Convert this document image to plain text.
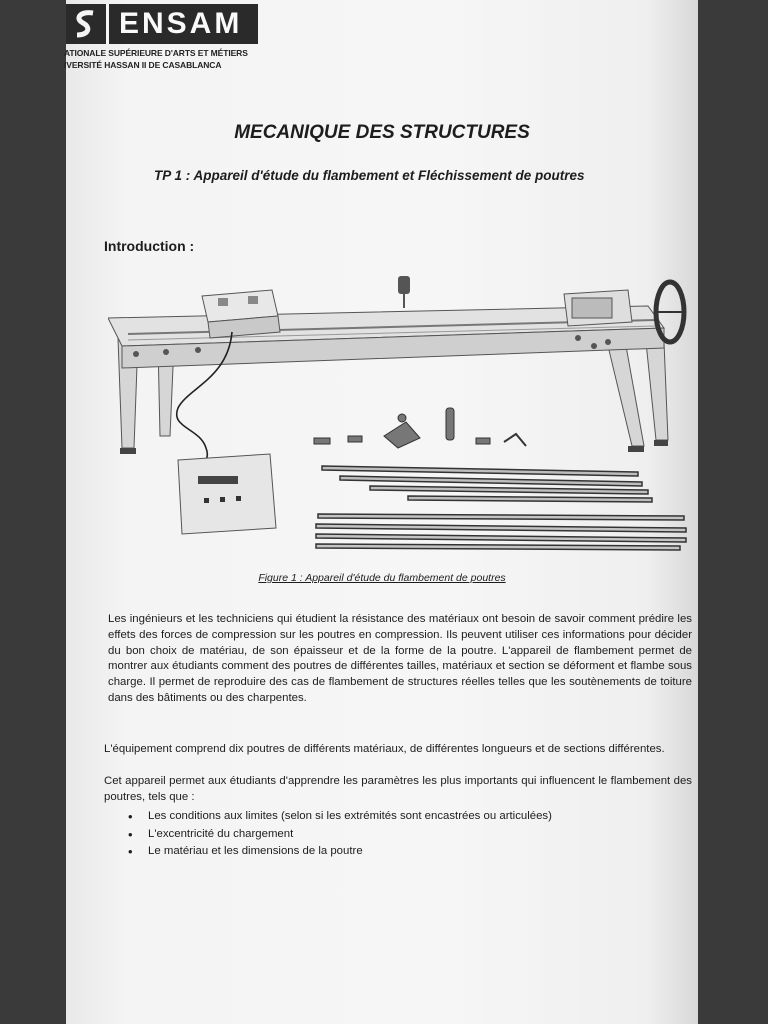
ENSAM
ATIONALE SUPÉRIEURE D'ARTS ET MÉTIERS
IVERSITÉ HASSAN II DE CASABLANCA
MECANIQUE DES STRUCTURES
TP 1 : Appareil d'étude du flambement et Fléchissement de poutres
Introduction :
Figure 1 : Appareil d'étude du flambement de poutres
Les ingénieurs et les techniciens qui étudient la résistance des matériaux ont besoin de savoir comment prédire les effets des forces de compression sur les poutres en compression. Ils peuvent utiliser ces informations pour décider du bon choix de matériau, de son épaisseur et de la forme de la poutre. L'appareil de flambement permet de montrer aux étudiants comment des poutres de différentes tailles, matériaux et section se déforment et flambe sous charge. Il permet de reproduire des cas de flambement de structures réelles telles que les soutènements de toiture dans des bâtiments ou des charpentes.
L'équipement comprend dix poutres de différents matériaux, de différentes longueurs et de sections différentes.
Cet appareil permet aux étudiants d'apprendre les paramètres les plus importants qui influencent le flambement des poutres, tels que :
• Les conditions aux limites (selon si les extrémités sont encastrées ou articulées)
• L'excentricité du chargement
• Le matériau et les dimensions de la poutre
